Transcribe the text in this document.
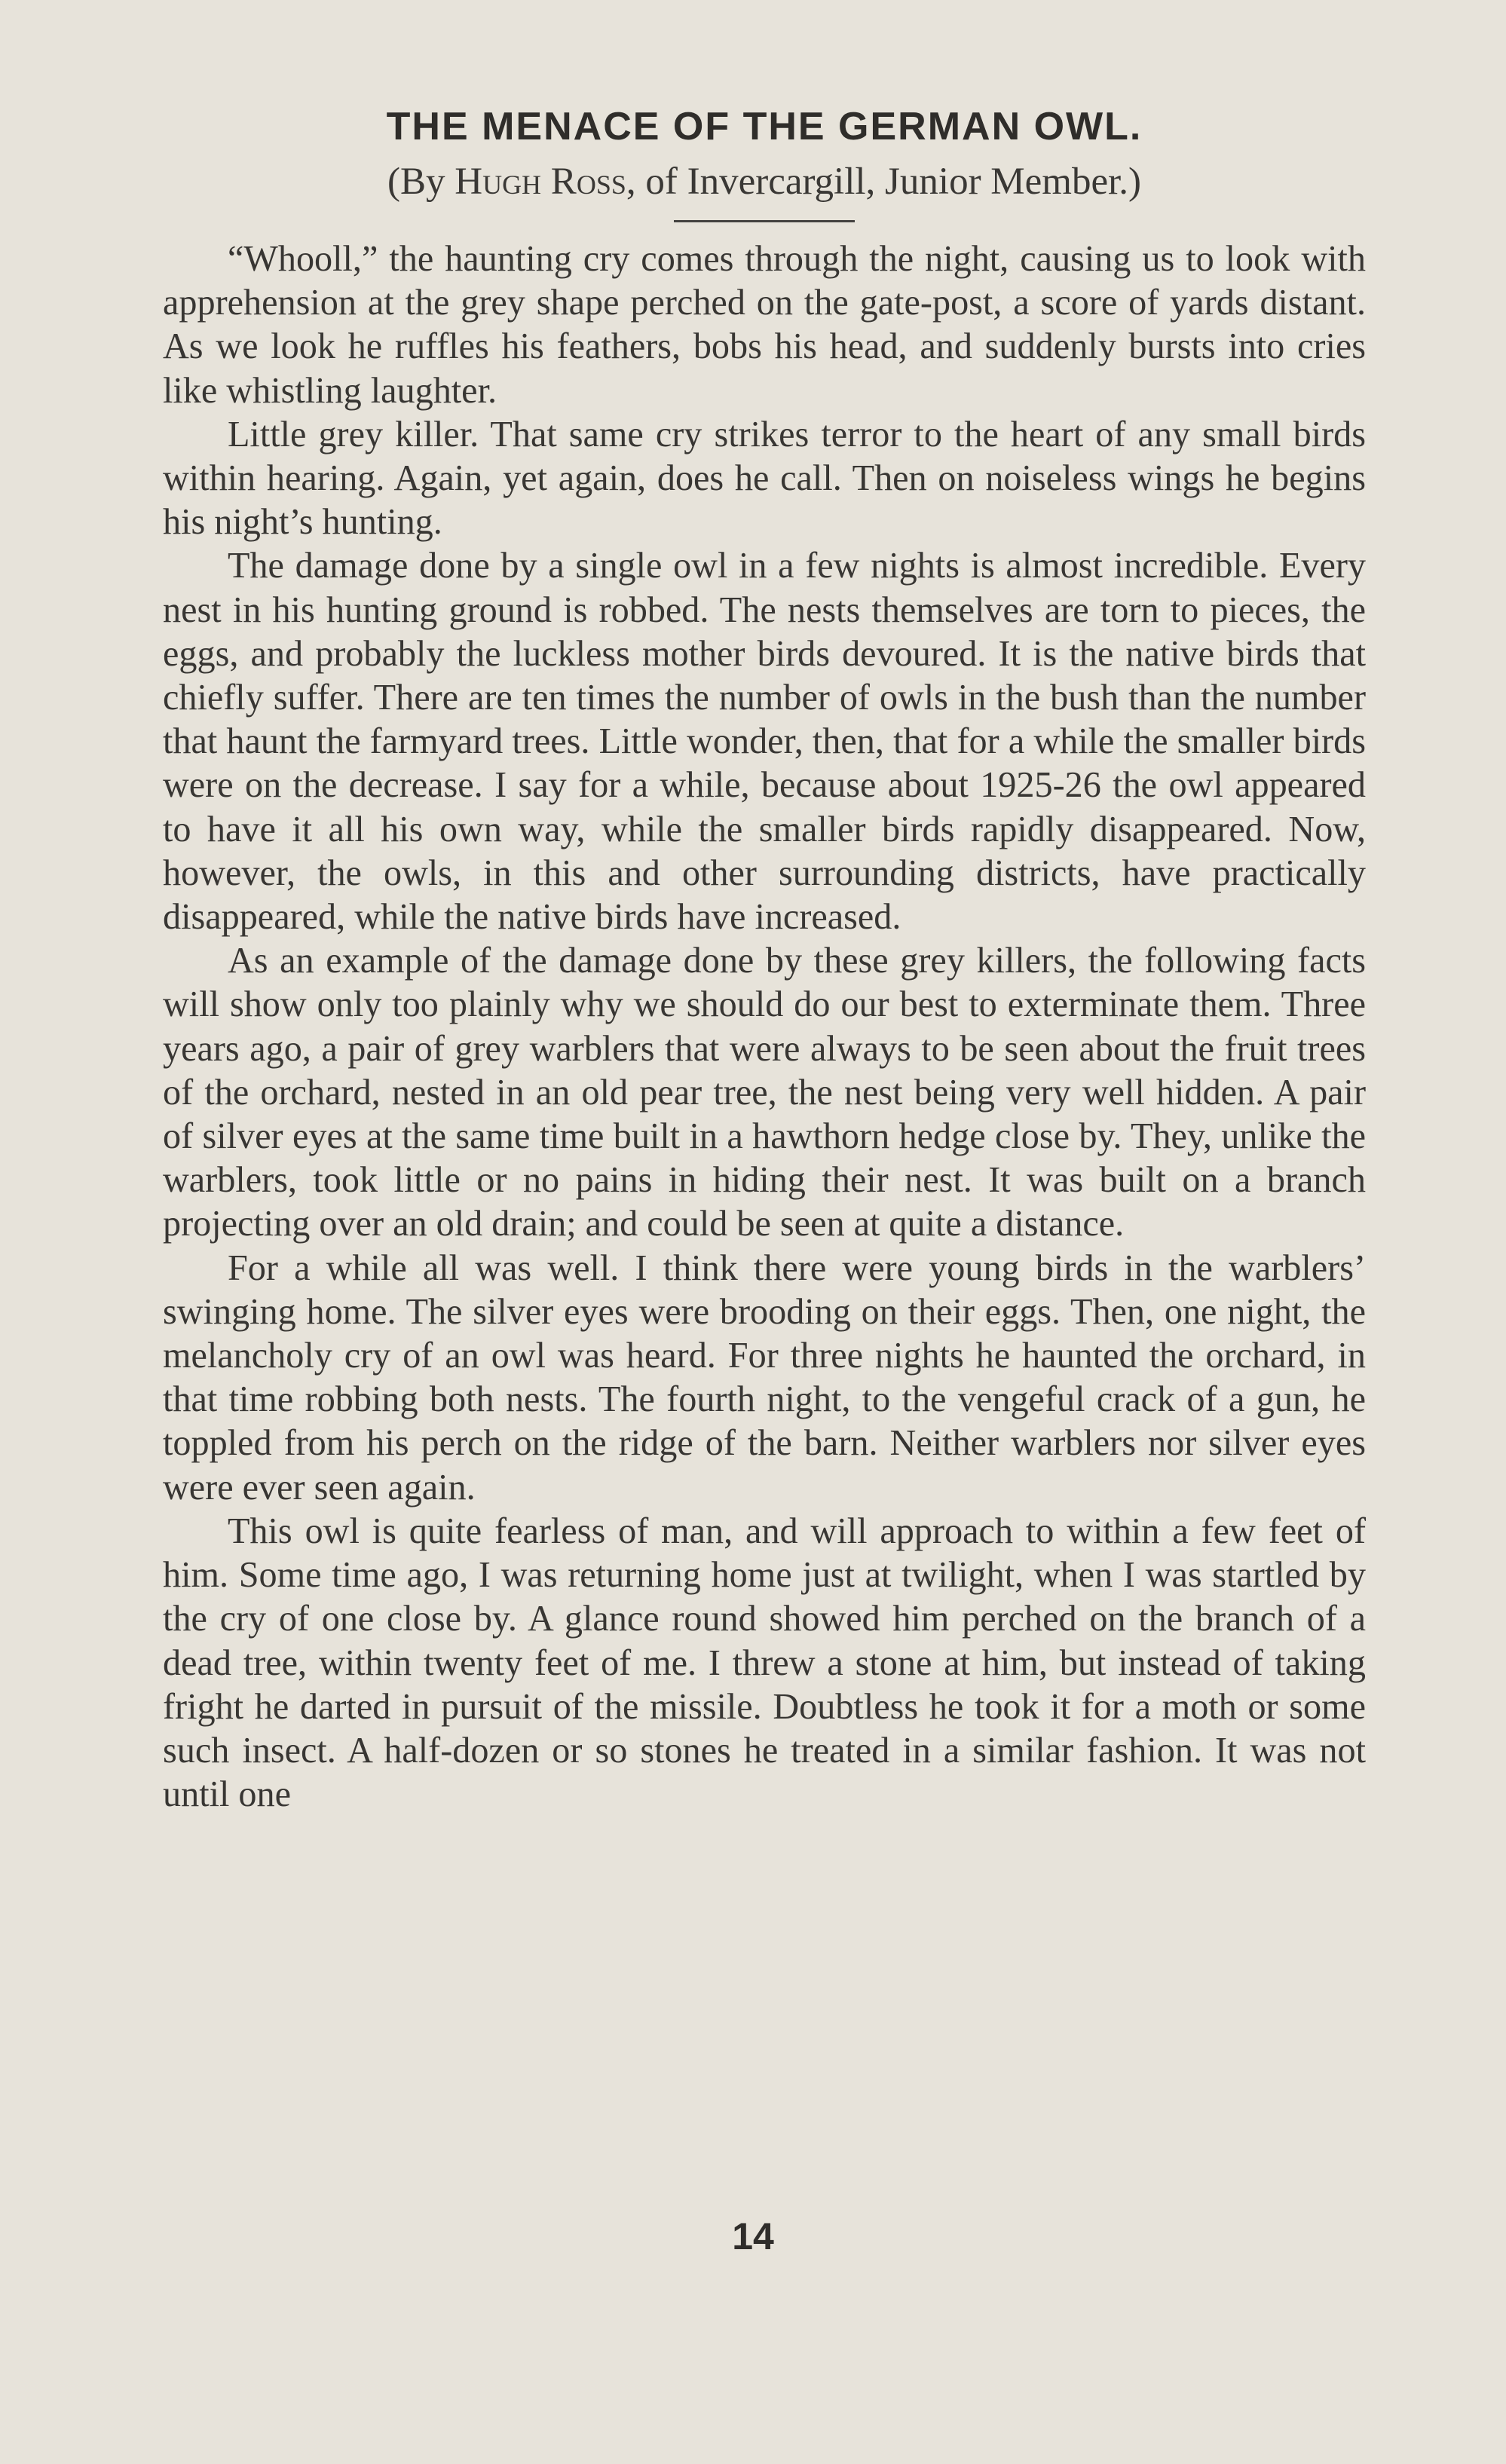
THE MENACE OF THE GERMAN OWL.

(By Hugh Ross, of Invercargill, Junior Member.)

“Whooll,” the haunting cry comes through the night, causing us to look with apprehension at the grey shape perched on the gate-post, a score of yards distant. As we look he ruffles his feathers, bobs his head, and suddenly bursts into cries like whistling laughter.

Little grey killer. That same cry strikes terror to the heart of any small birds within hearing. Again, yet again, does he call. Then on noiseless wings he begins his night’s hunting.

The damage done by a single owl in a few nights is almost incredible. Every nest in his hunting ground is robbed. The nests themselves are torn to pieces, the eggs, and probably the luckless mother birds devoured. It is the native birds that chiefly suffer. There are ten times the number of owls in the bush than the number that haunt the farmyard trees. Little wonder, then, that for a while the smaller birds were on the decrease. I say for a while, because about 1925-26 the owl appeared to have it all his own way, while the smaller birds rapidly disappeared. Now, however, the owls, in this and other surrounding districts, have practically disappeared, while the native birds have increased.

As an example of the damage done by these grey killers, the following facts will show only too plainly why we should do our best to exterminate them. Three years ago, a pair of grey warblers that were always to be seen about the fruit trees of the orchard, nested in an old pear tree, the nest being very well hidden. A pair of silver eyes at the same time built in a hawthorn hedge close by. They, unlike the warblers, took little or no pains in hiding their nest. It was built on a branch projecting over an old drain; and could be seen at quite a distance.

For a while all was well. I think there were young birds in the warblers’ swinging home. The silver eyes were brooding on their eggs. Then, one night, the melancholy cry of an owl was heard. For three nights he haunted the orchard, in that time robbing both nests. The fourth night, to the vengeful crack of a gun, he toppled from his perch on the ridge of the barn. Neither warblers nor silver eyes were ever seen again.

This owl is quite fearless of man, and will approach to within a few feet of him. Some time ago, I was returning home just at twilight, when I was startled by the cry of one close by. A glance round showed him perched on the branch of a dead tree, within twenty feet of me. I threw a stone at him, but instead of taking fright he darted in pursuit of the missile. Doubtless he took it for a moth or some such insect. A half-dozen or so stones he treated in a similar fashion. It was not until one

14
